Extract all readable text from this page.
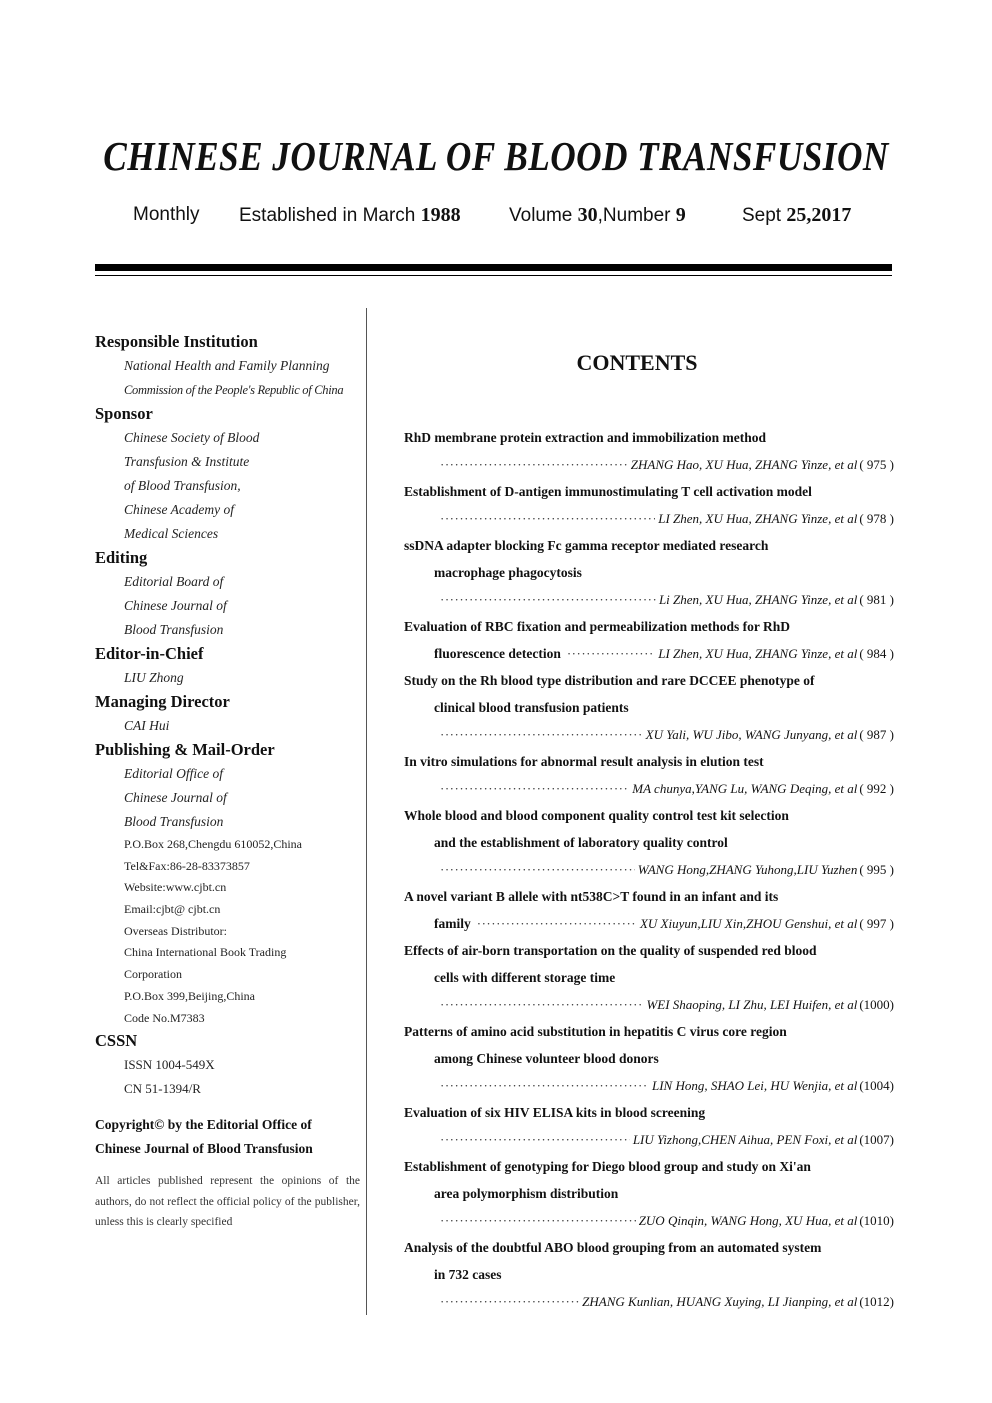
CHINESE JOURNAL OF BLOOD TRANSFUSION
Monthly Established in March 1988	Volume 30,Number 9	Sept 25,2017
Responsible Institution
National Health and Family Planning
Commission of the People's Republic of China
Sponsor
Chinese Society of Blood
Transfusion & Institute
of Blood Transfusion,
Chinese Academy of
Medical Sciences
Editing
Editorial Board of
Chinese Journal of
Blood Transfusion
Editor-in-Chief
LIU Zhong
Managing Director
CAI Hui
Publishing & Mail-Order
Editorial Office of
Chinese Journal of
Blood Transfusion
P.O.Box 268,Chengdu 610052,China
Tel&Fax:86-28-83373857
Website:www.cjbt.cn
Email:cjbt@ cjbt.cn
Overseas Distributor:
China International Book Trading
Corporation
P.O.Box 399,Beijing,China
Code No.M7383
CSSN
ISSN 1004-549X
CN 51-1394/R
Copyright© by the Editorial Office of
Chinese Journal of Blood Transfusion
All articles published represent the opinions of the authors, do not reflect the official policy of the publisher, unless this is clearly specified
CONTENTS
RhD membrane protein extraction and immobilization method
·····
ZHANG Hao, XU Hua, ZHANG Yinze, et al ( 975 )
Establishment of D-antigen immunostimulating T cell activation model
·····
LI Zhen, XU Hua, ZHANG Yinze, et al ( 978 )
ssDNA adapter blocking Fc gamma receptor mediated research
macrophage phagocytosis
·····
Li Zhen, XU Hua, ZHANG Yinze, et al ( 981 )
Evaluation of RBC fixation and permeabilization methods for RhD
fluorescence detection ·····	LI Zhen, XU Hua, ZHANG Yinze, et al ( 984 )
Study on the Rh blood type distribution and rare DCCEE phenotype of
clinical blood transfusion patients
·····
XU Yali, WU Jibo, WANG Junyang, et al ( 987 )
In vitro simulations for abnormal result analysis in elution test
·····
MA chunya,YANG Lu, WANG Deqing, et al ( 992 )
Whole blood and blood component quality control test kit selection
and the establishment of laboratory quality control
·····
WANG Hong,ZHANG Yuhong,LIU Yuzhen ( 995 )
A novel variant B allele with nt538C>T found in an infant and its
family ·····	XU Xiuyun,LIU Xin,ZHOU Genshui, et al ( 997 )
Effects of air-born transportation on the quality of suspended red blood
cells with different storage time
·····
WEI Shaoping, LI Zhu, LEI Huifen, et al (1000)
Patterns of amino acid substitution in hepatitis C virus core region
among Chinese volunteer blood donors
·····
LIN Hong, SHAO Lei, HU Wenjia, et al (1004)
Evaluation of six HIV ELISA kits in blood screening
·····
LIU Yizhong,CHEN Aihua, PEN Foxi, et al (1007)
Establishment of genotyping for Diego blood group and study on Xi'an
area polymorphism distribution
·····
ZUO Qinqin, WANG Hong, XU Hua, et al (1010)
Analysis of the doubtful ABO blood grouping from an automated system
in 732 cases
·····
ZHANG Kunlian, HUANG Xuying, LI Jianping, et al (1012)
